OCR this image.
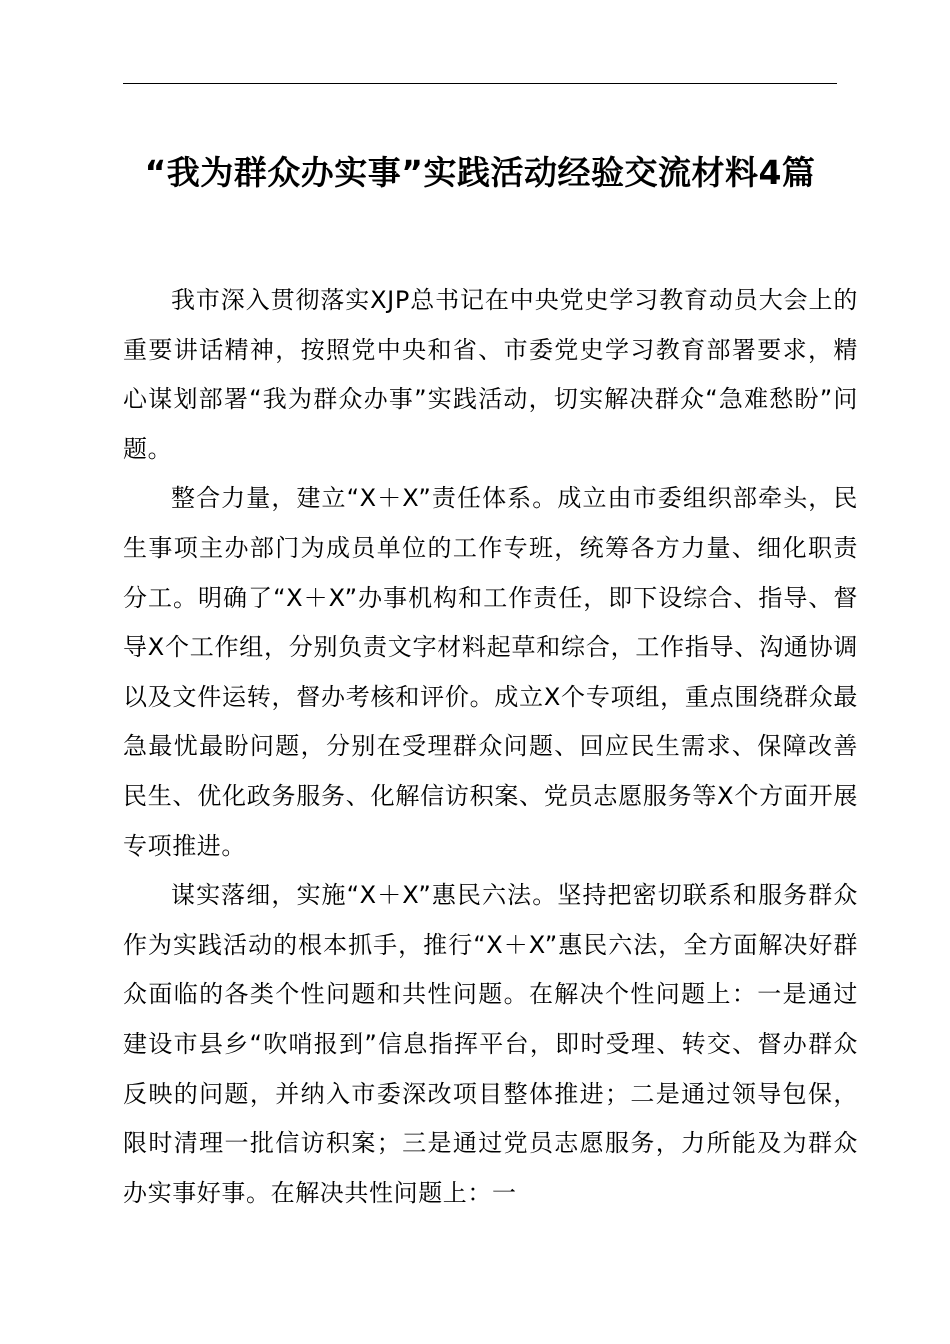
“我为群众办实事”实践活动经验交流材料4篇

我市深入贯彻落实XJP总书记在中央党史学习教育动员大会上的重要讲话精神，按照党中央和省、市委党史学习教育部署要求，精心谋划部署“我为群众办事”实践活动，切实解决群众“急难愁盼”问题。

整合力量，建立“X＋X”责任体系。成立由市委组织部牵头，民生事项主办部门为成员单位的工作专班，统筹各方力量、细化职责分工。明确了“X＋X”办事机构和工作责任，即下设综合、指导、督导X个工作组，分别负责文字材料起草和综合，工作指导、沟通协调以及文件运转，督办考核和评价。成立X个专项组，重点围绕群众最急最忧最盼问题，分别在受理群众问题、回应民生需求、保障改善民生、优化政务服务、化解信访积案、党员志愿服务等X个方面开展专项推进。

谋实落细，实施“X＋X”惠民六法。坚持把密切联系和服务群众作为实践活动的根本抓手，推行“X＋X”惠民六法，全方面解决好群众面临的各类个性问题和共性问题。在解决个性问题上：一是通过建设市县乡“吹哨报到”信息指挥平台，即时受理、转交、督办群众反映的问题，并纳入市委深改项目整体推进；二是通过领导包保，限时清理一批信访积案；三是通过党员志愿服务，力所能及为群众办实事好事。在解决共性问题上：一
